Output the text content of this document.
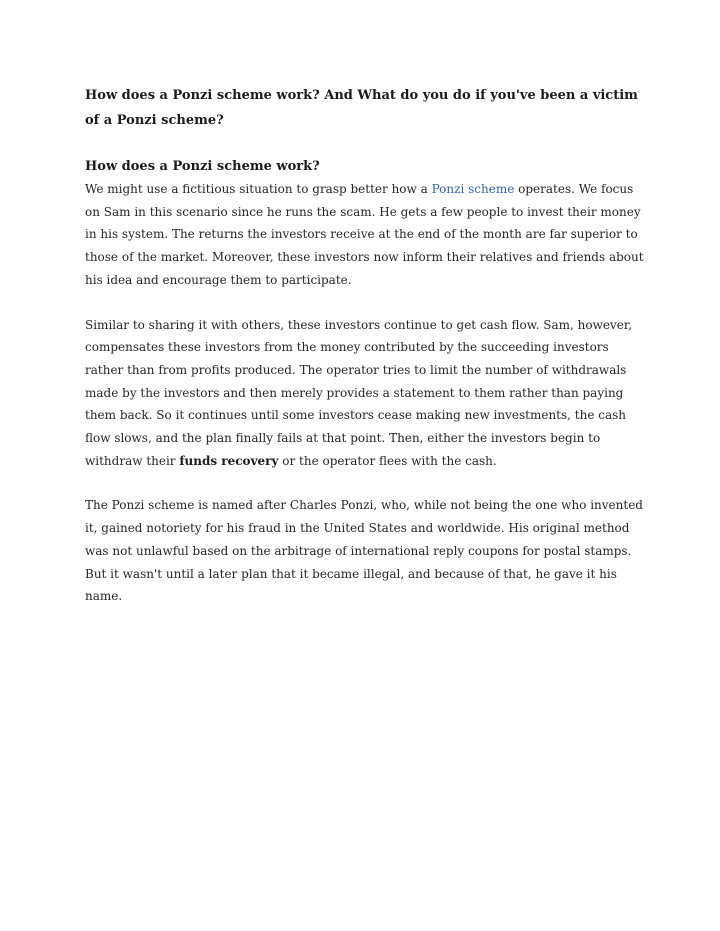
How does a Ponzi scheme work? And What do you do if you've been a victim of a Ponzi scheme?
How does a Ponzi scheme work?

We might use a fictitious situation to grasp better how a Ponzi scheme operates. We focus on Sam in this scenario since he runs the scam. He gets a few people to invest their money in his system. The returns the investors receive at the end of the month are far superior to those of the market. Moreover, these investors now inform their relatives and friends about his idea and encourage them to participate.

Similar to sharing it with others, these investors continue to get cash flow. Sam, however, compensates these investors from the money contributed by the succeeding investors rather than from profits produced. The operator tries to limit the number of withdrawals made by the investors and then merely provides a statement to them rather than paying them back. So it continues until some investors cease making new investments, the cash flow slows, and the plan finally fails at that point. Then, either the investors begin to withdraw their funds recovery or the operator flees with the cash.

The Ponzi scheme is named after Charles Ponzi, who, while not being the one who invented it, gained notoriety for his fraud in the United States and worldwide. His original method was not unlawful based on the arbitrage of international reply coupons for postal stamps. But it wasn't until a later plan that it became illegal, and because of that, he gave it his name.
